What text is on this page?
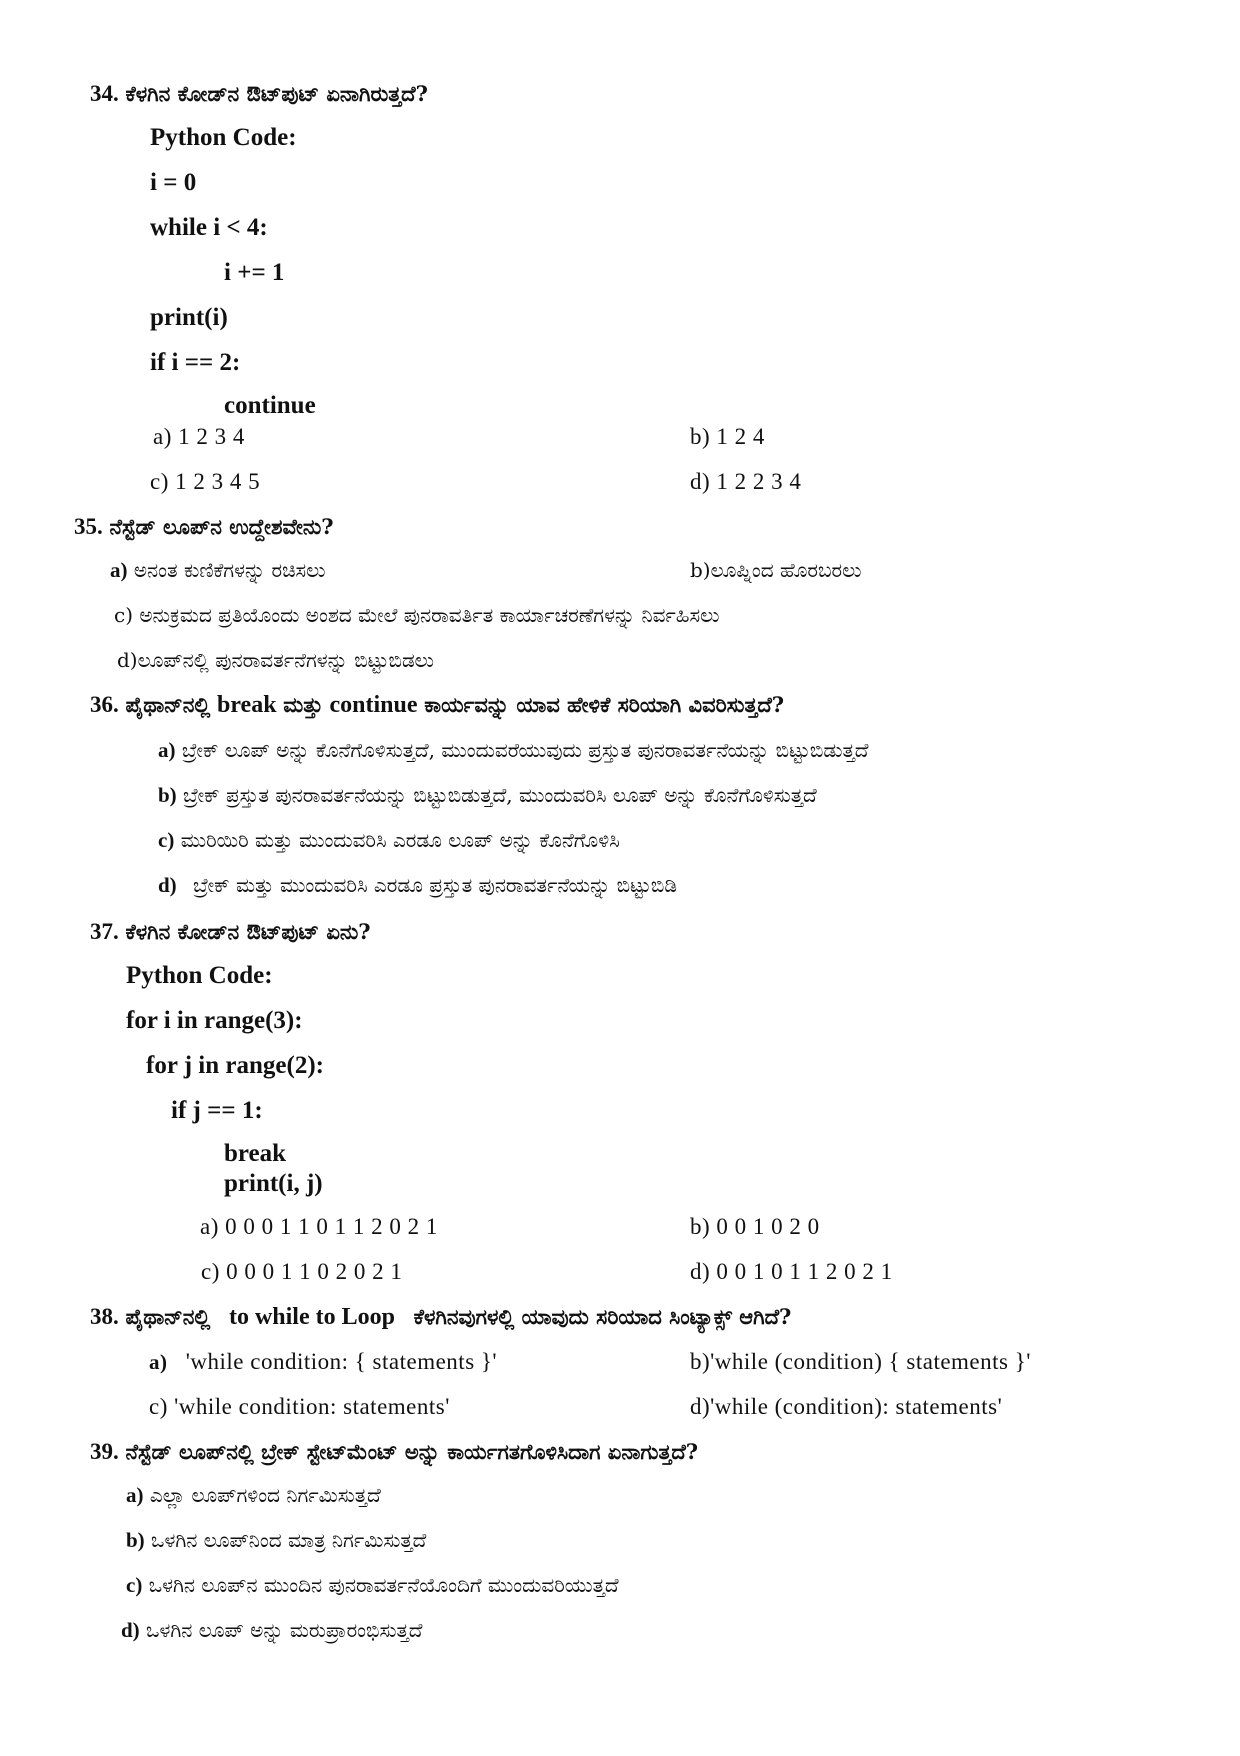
34. ಕೆಳಗಿನ ಕೋಡ್‌ನ ಔಟ್‌ಪುಟ್ ಏನಾಗಿರುತ್ತದೆ?
Python Code:
i = 0
while i < 4:
i += 1
print(i)
if i == 2:
continue
a) 1 2 3 4	b) 1 2 4
c) 1 2 3 4 5	d) 1 2 2 3 4
35. ನೆಸ್ಟೆಡ್ ಲೂಪ್‌ನ ಉದ್ದೇಶವೇನು?
a) ಅನಂತ ಕುಣಿಕೆಗಳನ್ನು ರಚಿಸಲು	b)ಲೂಪ್ನಿಂದ ಹೊರಬರಲು
c) ಅನುಕ್ರಮದ ಪ್ರತಿಯೊಂದು ಅಂಶದ ಮೇಲೆ ಪುನರಾವರ್ತಿತ ಕಾರ್ಯಾಚರಣೆಗಳನ್ನು ನಿರ್ವಹಿಸಲು
d)ಲೂಪ್‌ನಲ್ಲಿ ಪುನರಾವರ್ತನೆಗಳನ್ನು ಬಿಟ್ಟುಬಿಡಲು
36. ಪೈಥಾನ್‌ನಲ್ಲಿ break ಮತ್ತು continue ಕಾರ್ಯವನ್ನು ಯಾವ ಹೇಳಿಕೆ ಸರಿಯಾಗಿ ವಿವರಿಸುತ್ತದೆ?
a) ಬ್ರೇಕ್ ಲೂಪ್ ಅನ್ನು ಕೊನೆಗೊಳಿಸುತ್ತದೆ, ಮುಂದುವರೆಯುವುದು ಪ್ರಸ್ತುತ ಪುನರಾವರ್ತನೆಯನ್ನು ಬಿಟ್ಟುಬಿಡುತ್ತದೆ
b) ಬ್ರೇಕ್ ಪ್ರಸ್ತುತ ಪುನರಾವರ್ತನೆಯನ್ನು ಬಿಟ್ಟುಬಿಡುತ್ತದೆ, ಮುಂದುವರಿಸಿ ಲೂಪ್ ಅನ್ನು ಕೊನೆಗೊಳಿಸುತ್ತದೆ
c) ಮುರಿಯಿರಿ ಮತ್ತು ಮುಂದುವರಿಸಿ ಎರಡೂ ಲೂಪ್ ಅನ್ನು ಕೊನೆಗೊಳಿಸಿ
d) ಬ್ರೇಕ್ ಮತ್ತು ಮುಂದುವರಿಸಿ ಎರಡೂ ಪ್ರಸ್ತುತ ಪುನರಾವರ್ತನೆಯನ್ನು ಬಿಟ್ಟುಬಿಡಿ
37. ಕೆಳಗಿನ ಕೋಡ್‌ನ ಔಟ್‌ಪುಟ್ ಏನು?
Python Code:
for i in range(3):
for j in range(2):
if j == 1:
break
print(i, j)
a) 0 0 0 1 1 0 1 1 2 0 2 1	b) 0 0 1 0 2 0
c) 0 0 0 1 1 0 2 0 2 1	d) 0 0 1 0 1 1 2 0 2 1
38. ಪೈಥಾನ್‌ನಲ್ಲಿ to while to Loop ಕೆಳಗಿನವುಗಳಲ್ಲಿ ಯಾವುದು ಸರಿಯಾದ ಸಿಂಟ್ಯಾಕ್ಸ್ ಆಗಿದೆ?
a) 'while condition: { statements }'	b)'while (condition) { statements }'
c) 'while condition: statements'	d)'while (condition): statements'
39. ನೆಸ್ಟೆಡ್ ಲೂಪ್‌ನಲ್ಲಿ ಬ್ರೇಕ್ ಸ್ಟೇಟ್‌ಮೆಂಟ್ ಅನ್ನು ಕಾರ್ಯಗತಗೊಳಿಸಿದಾಗ ಏನಾಗುತ್ತದೆ?
a) ಎಲ್ಲಾ ಲೂಪ್‌ಗಳಿಂದ ನಿರ್ಗಮಿಸುತ್ತದೆ
b) ಒಳಗಿನ ಲೂಪ್‌ನಿಂದ ಮಾತ್ರ ನಿರ್ಗಮಿಸುತ್ತದೆ
c) ಒಳಗಿನ ಲೂಪ್‌ನ ಮುಂದಿನ ಪುನರಾವರ್ತನೆಯೊಂದಿಗೆ ಮುಂದುವರಿಯುತ್ತದೆ
d) ಒಳಗಿನ ಲೂಪ್ ಅನ್ನು ಮರುಪ್ರಾರಂಭಿಸುತ್ತದೆ
